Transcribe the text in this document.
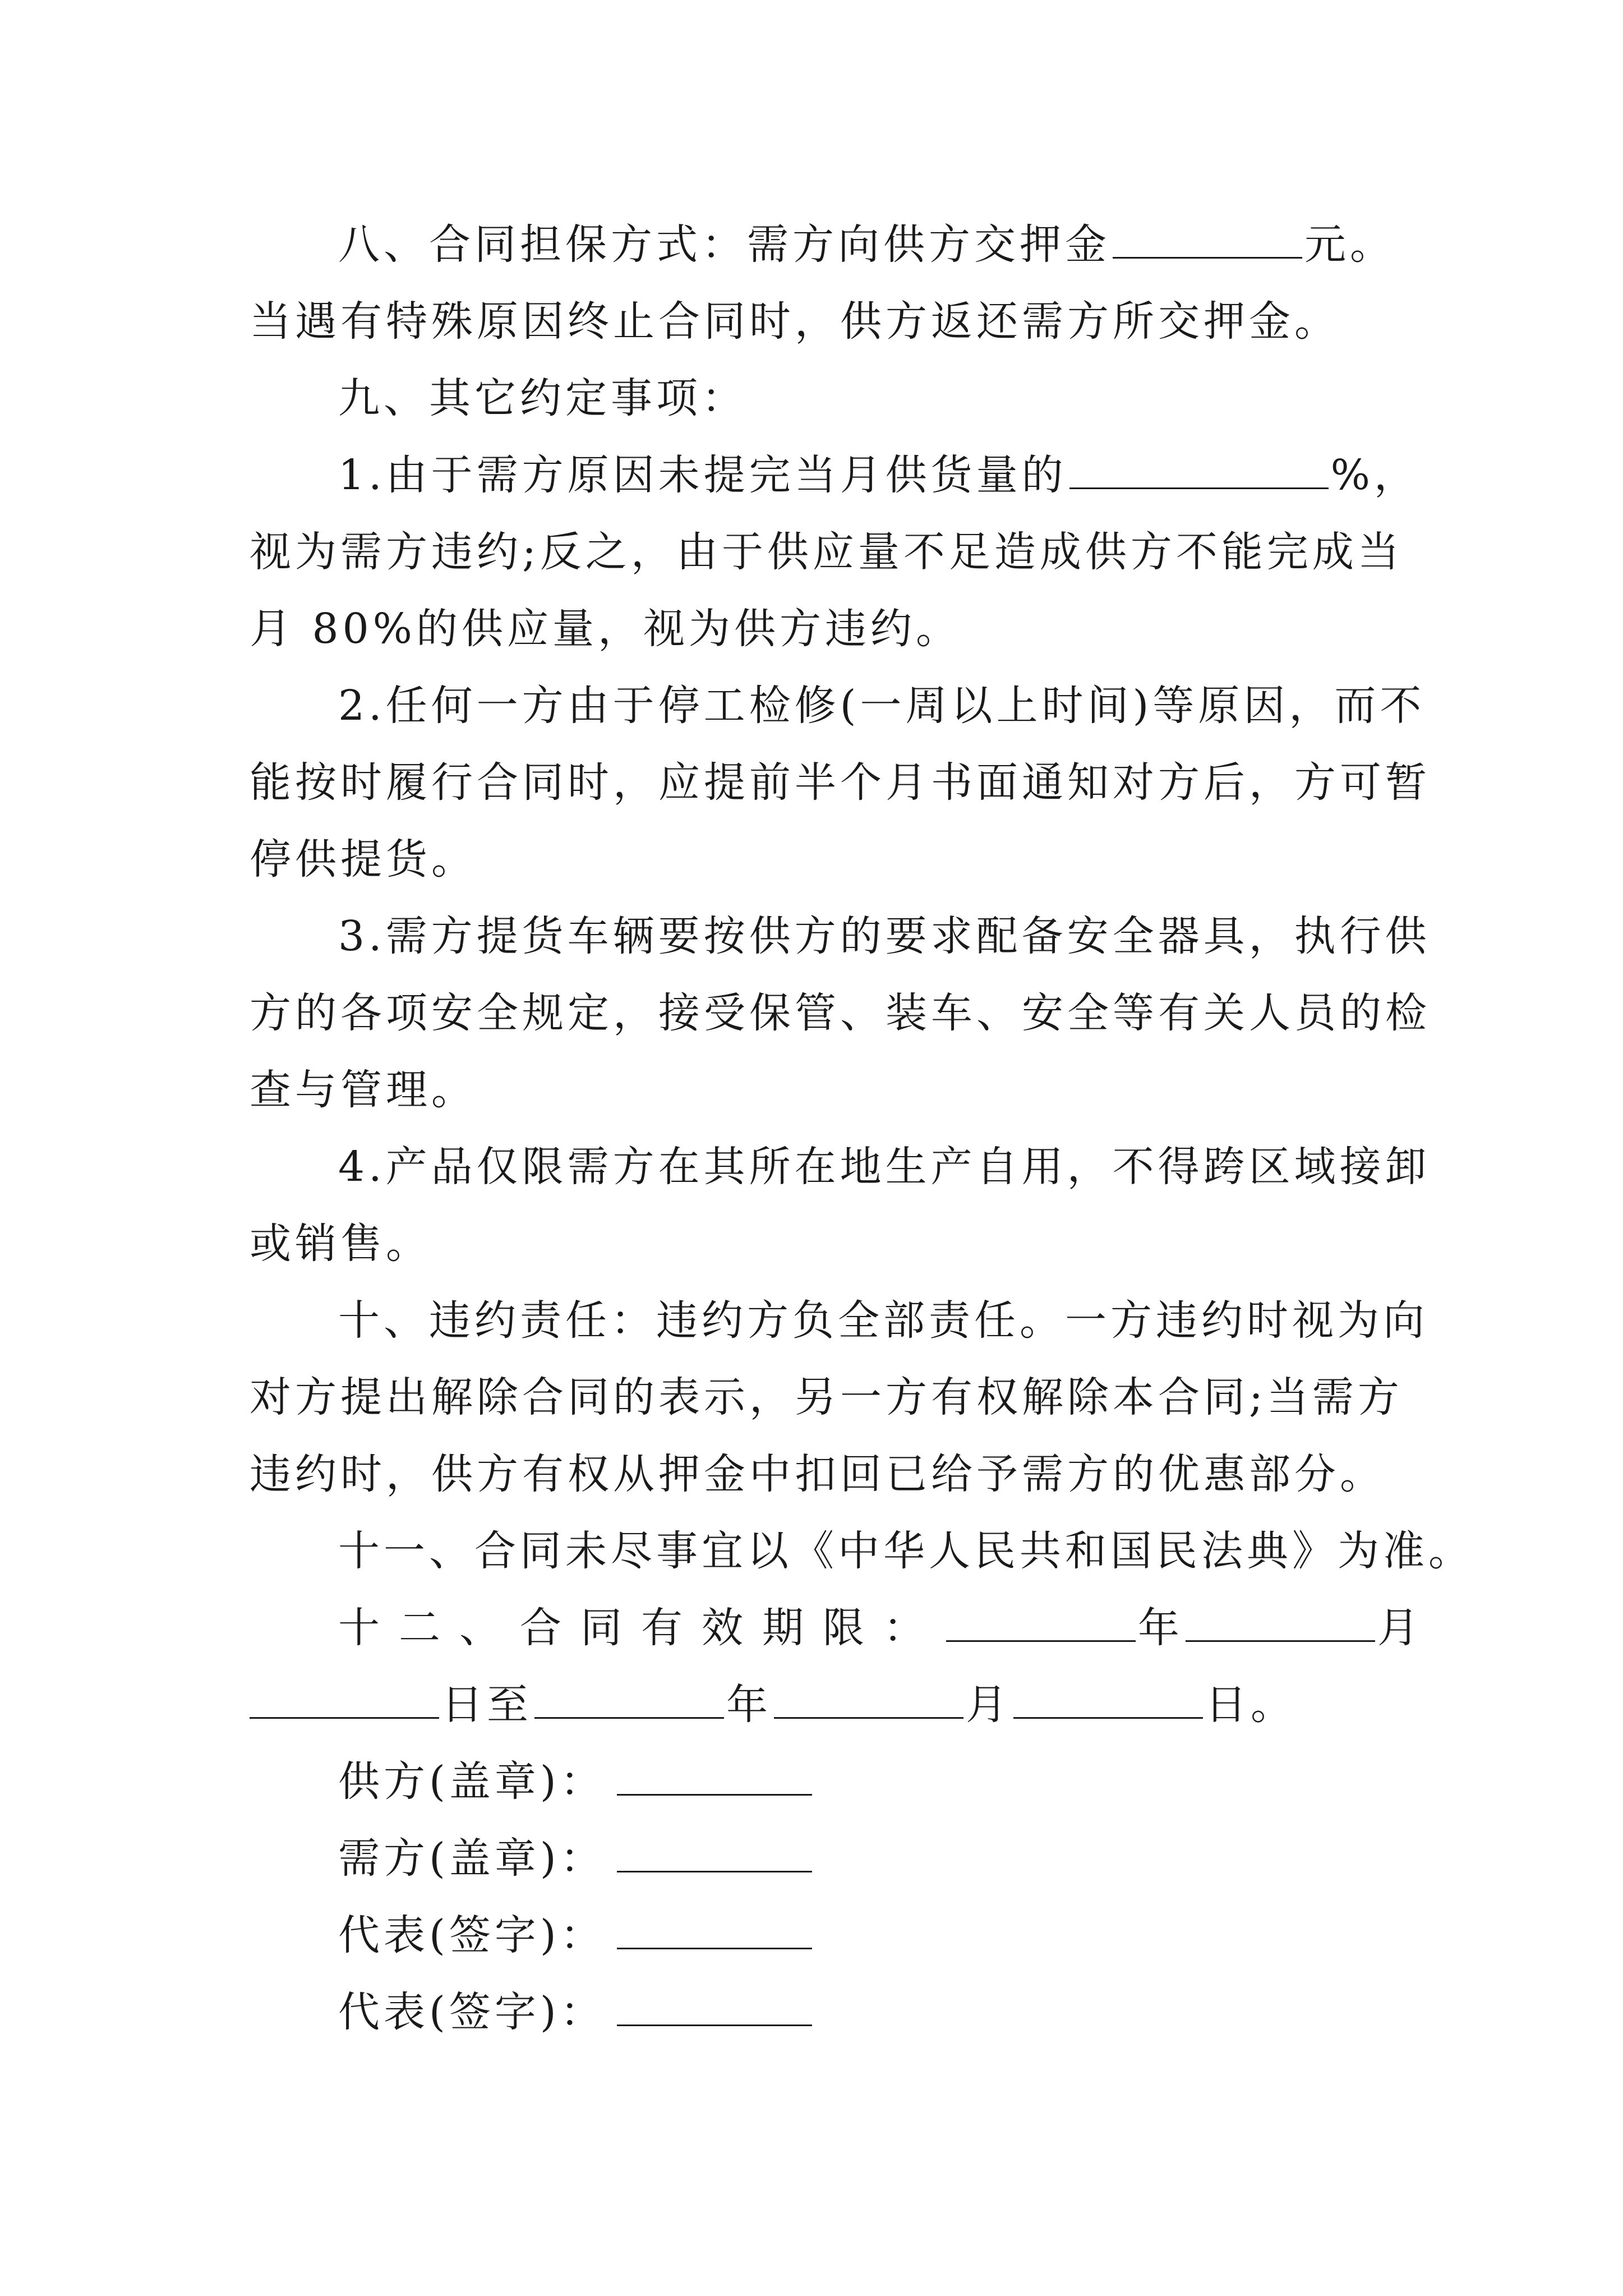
八、合同担保方式：需方向供方交押金	元。
当遇有特殊原因终止合同时，供方返还需方所交押金。
九、其它约定事项：
1.由于需方原因未提完当月供货量的	%，
视为需方违约;反之，由于供应量不足造成供方不能完成当
月 80%的供应量，视为供方违约。
2.任何一方由于停工检修(一周以上时间)等原因，而不
能按时履行合同时，应提前半个月书面通知对方后，方可暂
停供提货。
3.需方提货车辆要按供方的要求配备安全器具，执行供
方的各项安全规定，接受保管、装车、安全等有关人员的检
查与管理。
4.产品仅限需方在其所在地生产自用，不得跨区域接卸
或销售。
十、违约责任：违约方负全部责任。一方违约时视为向
对方提出解除合同的表示，另一方有权解除本合同;当需方
违约时，供方有权从押金中扣回已给予需方的优惠部分。
十一、合同未尽事宜以《中华人民共和国民法典》为准。
十二、合同有效期限：	年	月
日至	年	月	日。
供方(盖章)：
需方(盖章)：
代表(签字)：
代表(签字)：
